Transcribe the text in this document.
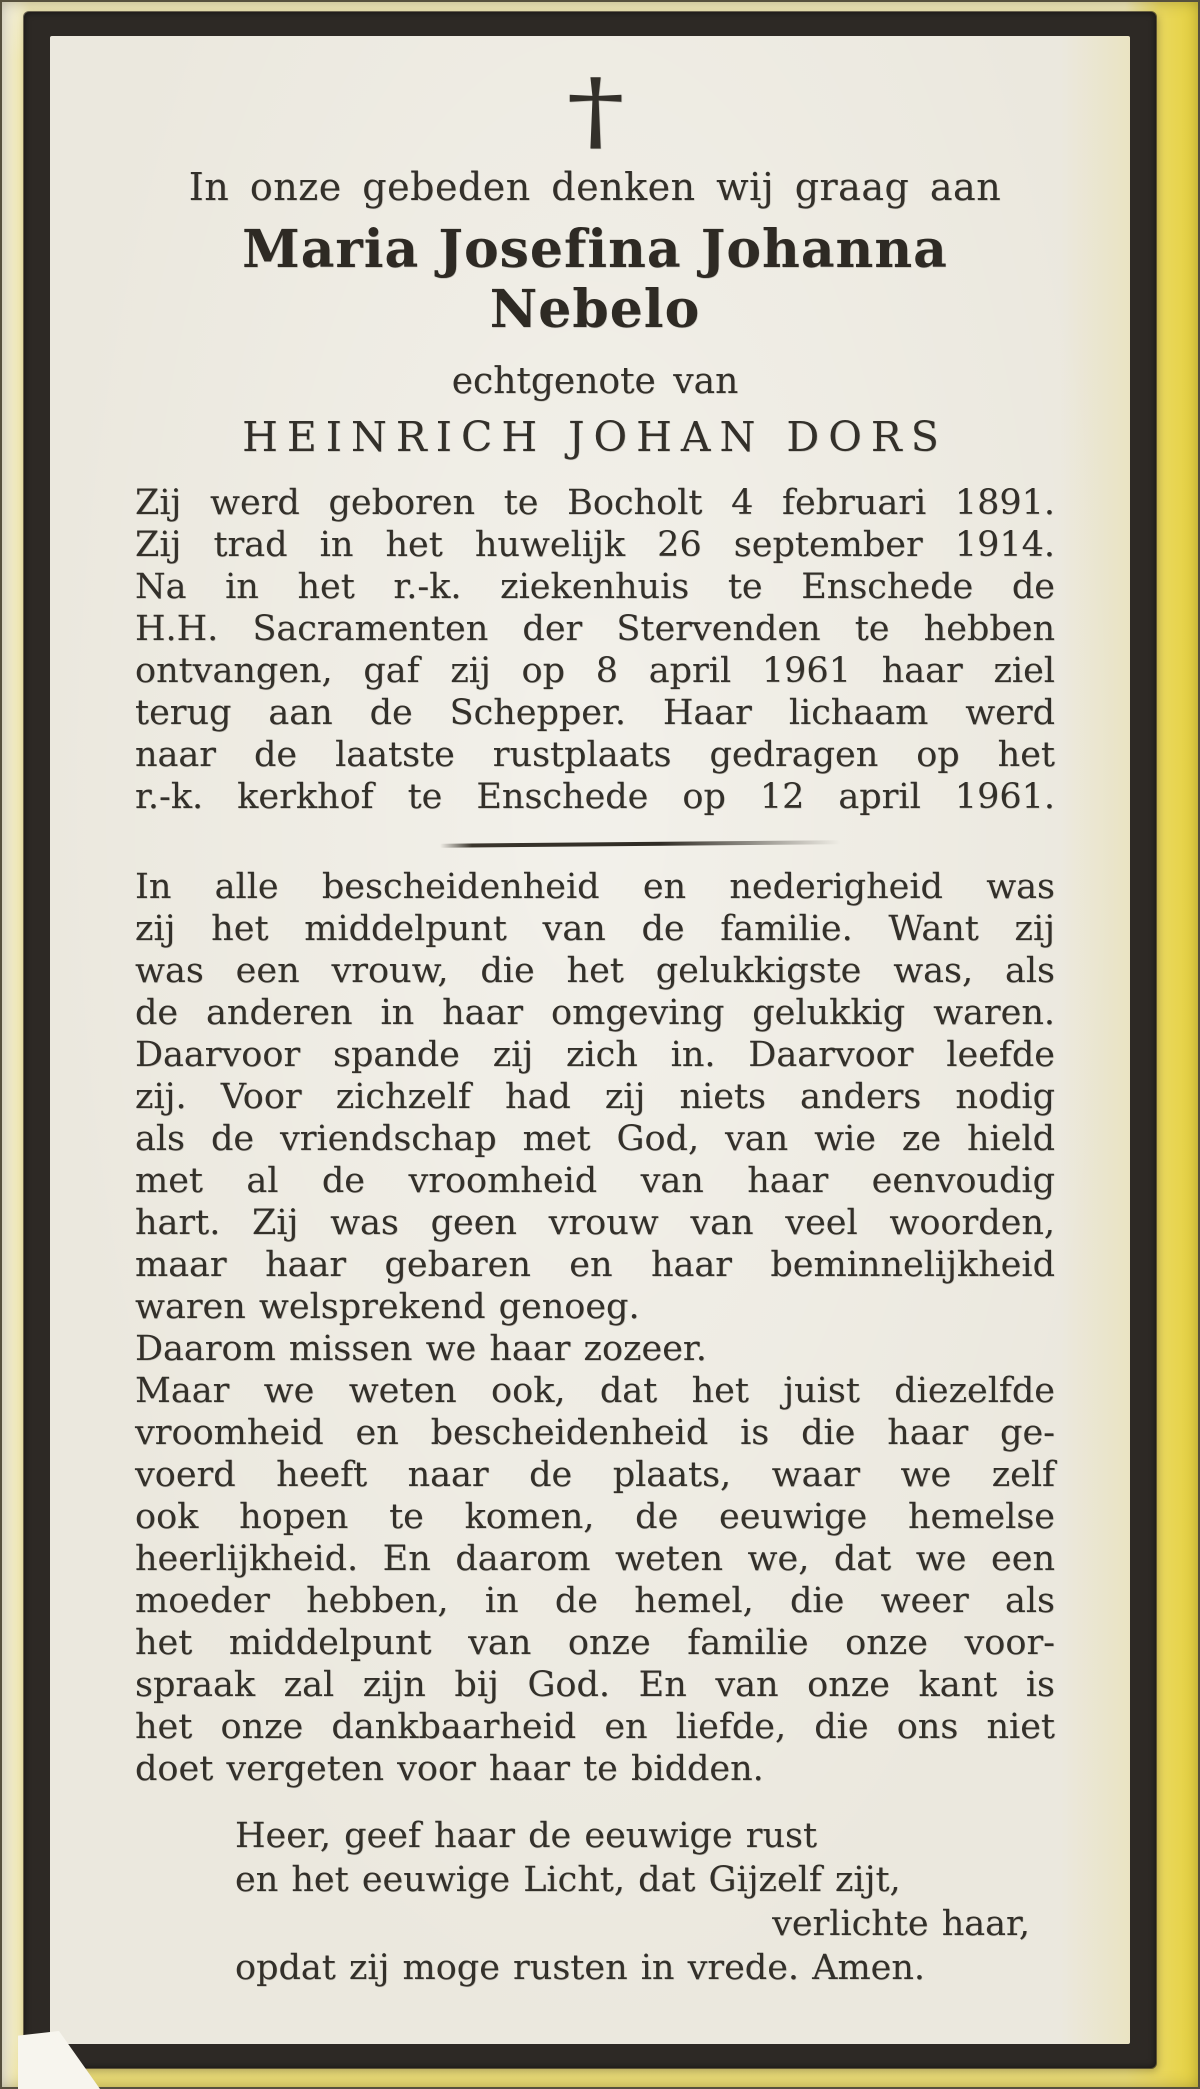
†
In onze gebeden denken wij graag aan
Maria Josefina Johanna Nebelo
echtgenote van
HEINRICH JOHAN DORS
Zij werd geboren te Bocholt 4 februari 1891.
Zij trad in het huwelijk 26 september 1914.
Na in het r.-k. ziekenhuis te Enschede de
H.H. Sacramenten der Stervenden te hebben
ontvangen, gaf zij op 8 april 1961 haar ziel
terug aan de Schepper. Haar lichaam werd
naar de laatste rustplaats gedragen op het
r.-k. kerkhof te Enschede op 12 april 1961.
In alle bescheidenheid en nederigheid was
zij het middelpunt van de familie. Want zij
was een vrouw, die het gelukkigste was, als
de anderen in haar omgeving gelukkig waren.
Daarvoor spande zij zich in. Daarvoor leefde
zij. Voor zichzelf had zij niets anders nodig
als de vriendschap met God, van wie ze hield
met al de vroomheid van haar eenvoudig
hart. Zij was geen vrouw van veel woorden,
maar haar gebaren en haar beminnelijkheid
waren welsprekend genoeg.
Daarom missen we haar zozeer.
Maar we weten ook, dat het juist diezelfde
vroomheid en bescheidenheid is die haar ge-
voerd heeft naar de plaats, waar we zelf
ook hopen te komen, de eeuwige hemelse
heerlijkheid. En daarom weten we, dat we een
moeder hebben, in de hemel, die weer als
het middelpunt van onze familie onze voor-
spraak zal zijn bij God. En van onze kant is
het onze dankbaarheid en liefde, die ons niet
doet vergeten voor haar te bidden.
Heer, geef haar de eeuwige rust
en het eeuwige Licht, dat Gijzelf zijt,
verlichte haar,
opdat zij moge rusten in vrede. Amen.
